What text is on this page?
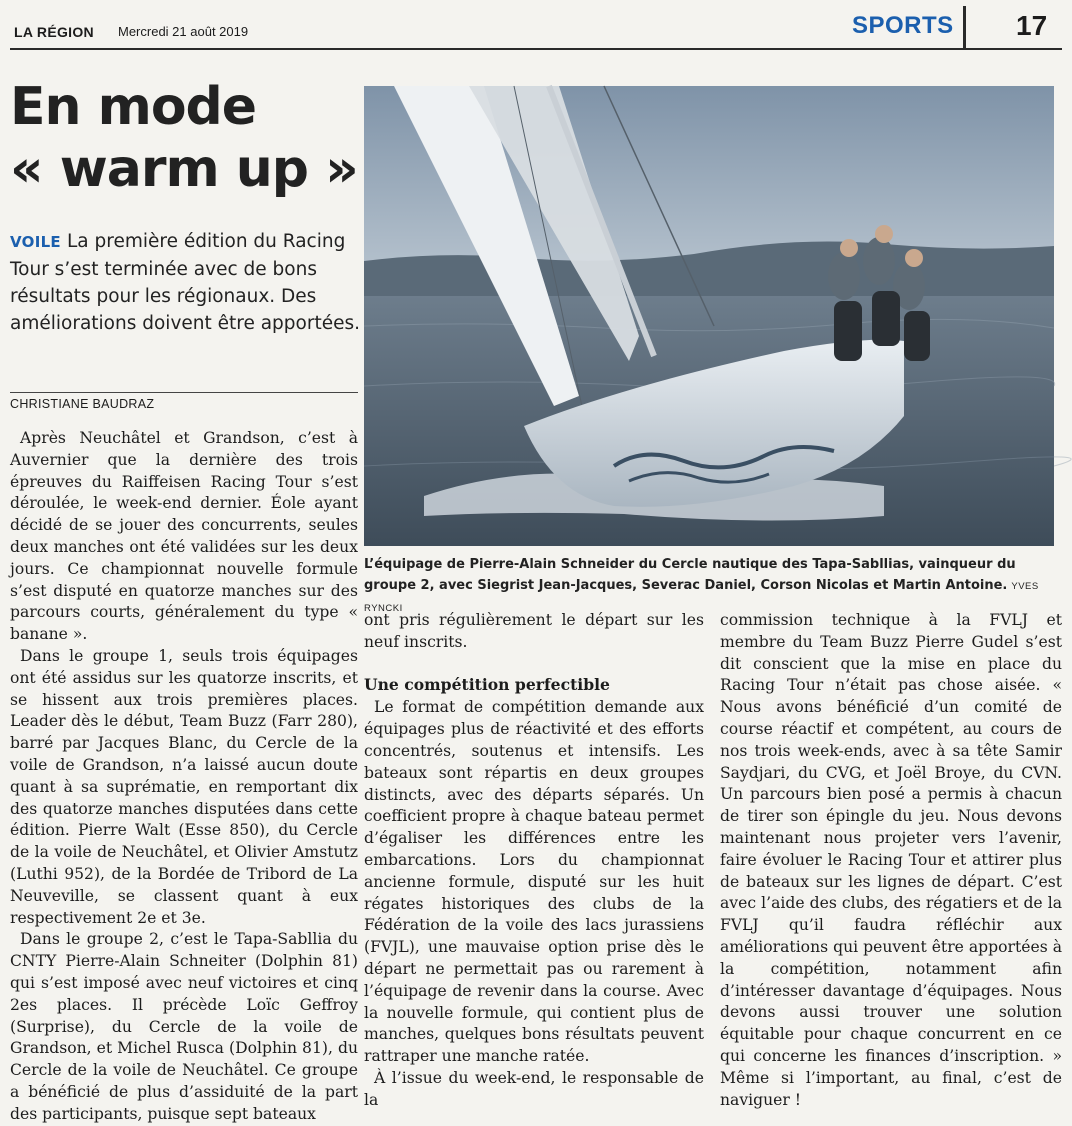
LA RÉGION Mercredi 21 août 2019	SPORTS 17
En mode
« warm up »
VOILE La première édition du Racing Tour s’est terminée avec de bons résultats pour les régionaux. Des améliorations doivent être apportées.
CHRISTIANE BAUDRAZ

Après Neuchâtel et Grandson, c’est à Auvernier que la dernière des trois épreuves du Raiffeisen Racing Tour s’est déroulée, le week-end dernier. Éole ayant décidé de se jouer des concurrents, seules deux manches ont été validées sur les deux jours. Ce championnat nouvelle formule s’est disputé en quatorze manches sur des parcours courts, généralement du type « banane ».

Dans le groupe 1, seuls trois équipages ont été assidus sur les quatorze inscrits, et se hissent aux trois premières places. Leader dès le début, Team Buzz (Farr 280), barré par Jacques Blanc, du Cercle de la voile de Grandson, n’a laissé aucun doute quant à sa suprématie, en remportant dix des quatorze manches disputées dans cette édition. Pierre Walt (Esse 850), du Cercle de la voile de Neuchâtel, et Olivier Amstutz (Luthi 952), de la Bordée de Tribord de La Neuveville, se classent quant à eux respectivement 2e et 3e.

Dans le groupe 2, c’est le Tapa-Sabllia du CNTY Pierre-Alain Schneiter (Dolphin 81) qui s’est imposé avec neuf victoires et cinq 2es places. Il précède Loïc Geffroy (Surprise), du Cercle de la voile de Grandson, et Michel Rusca (Dolphin 81), du Cercle de la voile de Neuchâtel. Ce groupe a bénéficié de plus d’assiduité de la part des participants, puisque sept bateaux

L’équipage de Pierre-Alain Schneider du Cercle nautique des Tapa-Sabllias, vainqueur du groupe 2, avec Siegrist Jean-Jacques, Severac Daniel, Corson Nicolas et Martin Antoine. YVES RYNCKI

ont pris régulièrement le départ sur les neuf inscrits.

Une compétition perfectible

Le format de compétition demande aux équipages plus de réactivité et des efforts concentrés, soutenus et intensifs. Les bateaux sont répartis en deux groupes distincts, avec des départs séparés. Un coefficient propre à chaque bateau permet d’égaliser les différences entre les embarcations. Lors du championnat ancienne formule, disputé sur les huit régates historiques des clubs de la Fédération de la voile des lacs jurassiens (FVJL), une mauvaise option prise dès le départ ne permettait pas ou rarement à l’équipage de revenir dans la course. Avec la nouvelle formule, qui contient plus de manches, quelques bons résultats peuvent rattraper une manche ratée.

À l’issue du week-end, le responsable de la

commission technique à la FVLJ et membre du Team Buzz Pierre Gudel s’est dit conscient que la mise en place du Racing Tour n’était pas chose aisée. « Nous avons bénéficié d’un comité de course réactif et compétent, au cours de nos trois week-ends, avec à sa tête Samir Saydjari, du CVG, et Joël Broye, du CVN. Un parcours bien posé a permis à chacun de tirer son épingle du jeu. Nous devons maintenant nous projeter vers l’avenir, faire évoluer le Racing Tour et attirer plus de bateaux sur les lignes de départ. C’est avec l’aide des clubs, des régatiers et de la FVLJ qu’il faudra réfléchir aux améliorations qui peuvent être apportées à la compétition, notamment afin d’intéresser davantage d’équipages. Nous devons aussi trouver une solution équitable pour chaque concurrent en ce qui concerne les finances d’inscription. » Même si l’important, au final, c’est de naviguer !
